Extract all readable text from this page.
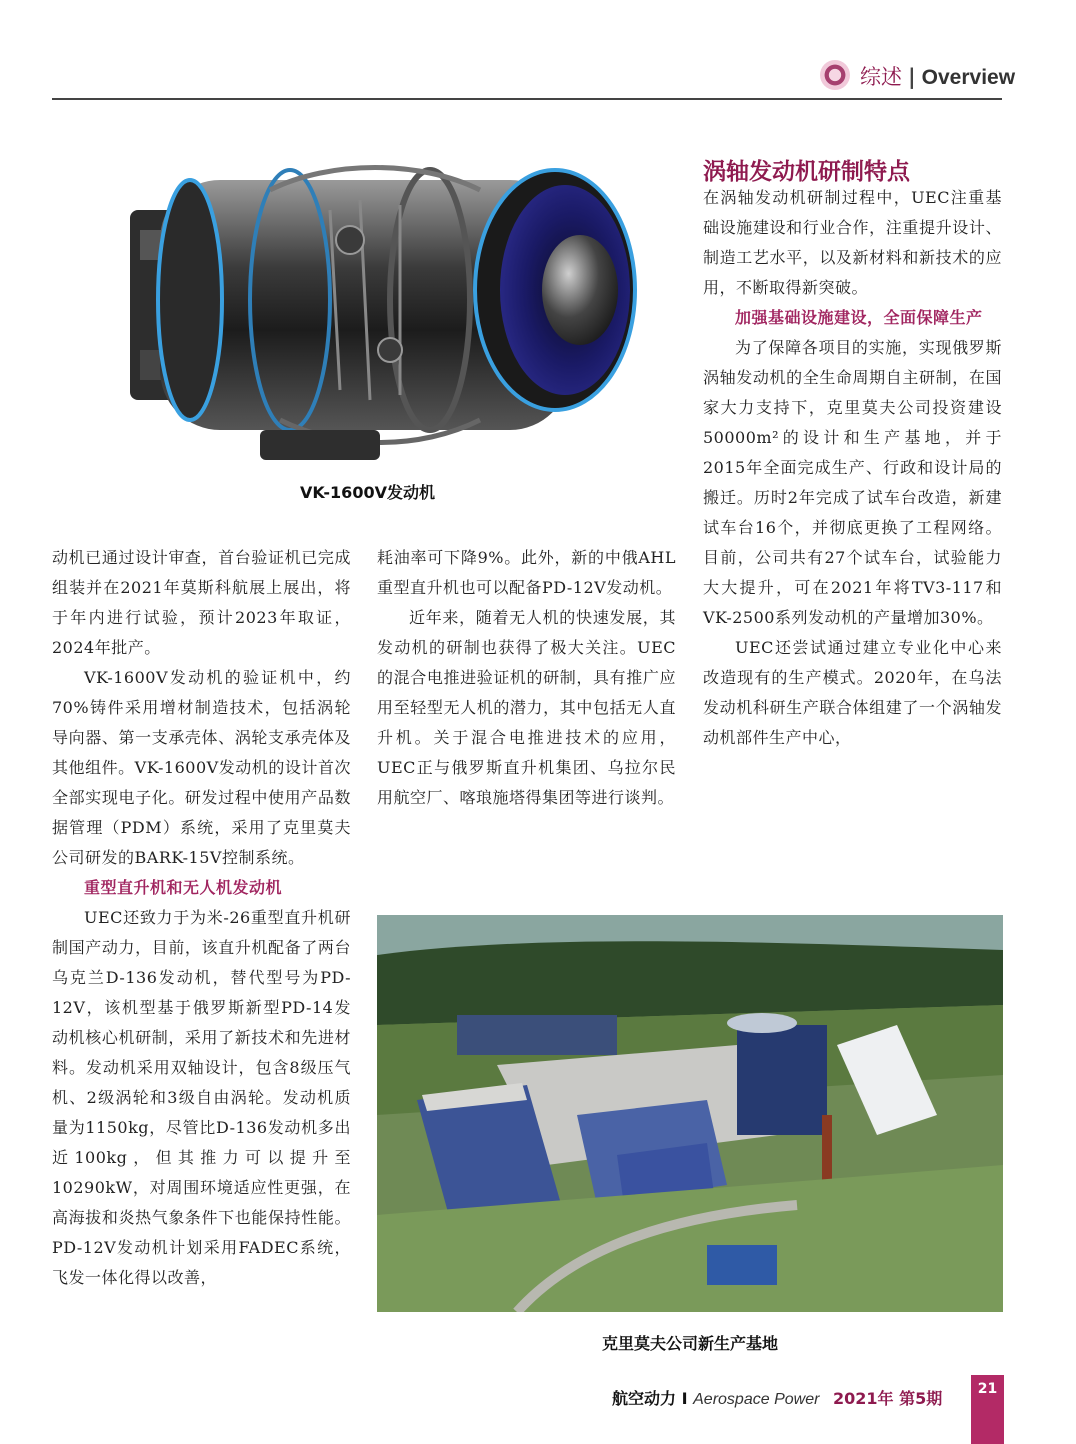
综述 | Overview
VK-1600V发动机
涡轴发动机研制特点

在涡轴发动机研制过程中，UEC注重基础设施建设和行业合作，注重提升设计、制造工艺水平，以及新材料和新技术的应用，不断取得新突破。

加强基础设施建设，全面保障生产

为了保障各项目的实施，实现俄罗斯涡轴发动机的全生命周期自主研制，在国家大力支持下，克里莫夫公司投资建设50000m²的设计和生产基地，并于2015年全面完成生产、行政和设计局的搬迁。历时2年完成了试车台改造，新建试车台16个，并彻底更换了工程网络。目前，公司共有27个试车台，试验能力大大提升，可在2021年将TV3-117和VK-2500系列发动机的产量增加30%。

UEC还尝试通过建立专业化中心来改造现有的生产模式。2020年，在乌法发动机科研生产联合体组建了一个涡轴发动机部件生产中心，

动机已通过设计审查，首台验证机已完成组装并在2021年莫斯科航展上展出，将于年内进行试验，预计2023年取证，2024年批产。

VK-1600V发动机的验证机中，约70%铸件采用增材制造技术，包括涡轮导向器、第一支承壳体、涡轮支承壳体及其他组件。VK-1600V发动机的设计首次全部实现电子化。研发过程中使用产品数据管理（PDM）系统，采用了克里莫夫公司研发的BARK-15V控制系统。

重型直升机和无人机发动机

UEC还致力于为米-26重型直升机研制国产动力，目前，该直升机配备了两台乌克兰D-136发动机，替代型号为PD-12V，该机型基于俄罗斯新型PD-14发动机核心机研制，采用了新技术和先进材料。发动机采用双轴设计，包含8级压气机、2级涡轮和3级自由涡轮。发动机质量为1150kg，尽管比D-136发动机多出近100kg，但其推力可以提升至10290kW，对周围环境适应性更强，在高海拔和炎热气象条件下也能保持性能。PD-12V发动机计划采用FADEC系统，飞发一体化得以改善，

耗油率可下降9%。此外，新的中俄AHL重型直升机也可以配备PD-12V发动机。

近年来，随着无人机的快速发展，其发动机的研制也获得了极大关注。UEC的混合电推进验证机的研制，具有推广应用至轻型无人机的潜力，其中包括无人直升机。关于混合电推进技术的应用，UEC正与俄罗斯直升机集团、乌拉尔民用航空厂、喀琅施塔得集团等进行谈判。

克里莫夫公司新生产基地
航空动力 I Aerospace Power 2021年 第5期	21
